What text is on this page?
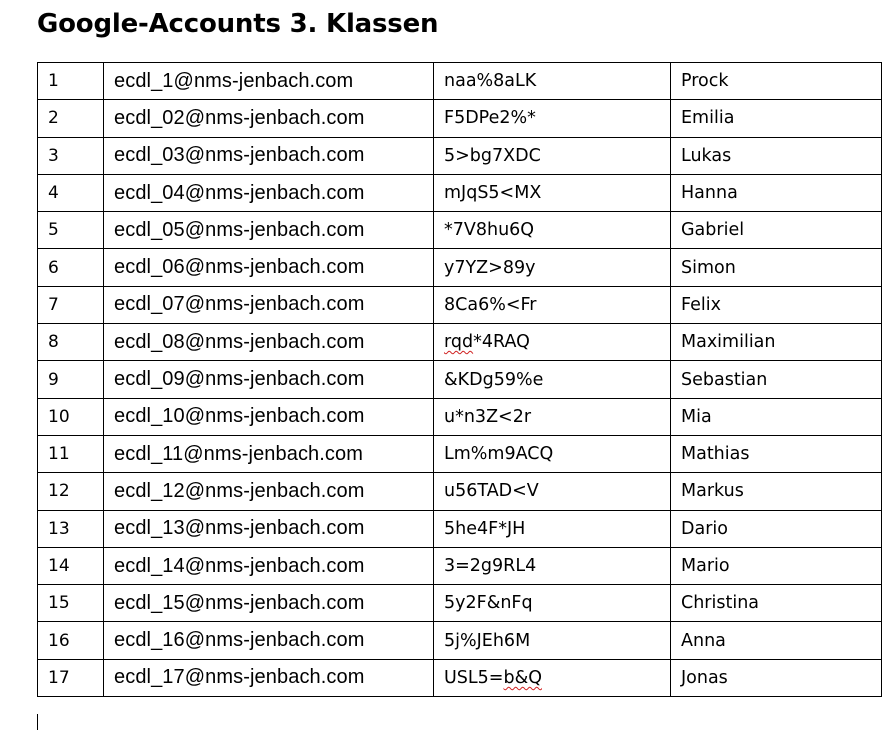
Google-Accounts 3. Klassen
1	ecdl_1@nms-jenbach.com	naa%8aLK	Prock
2	ecdl_02@nms-jenbach.com	F5DPe2%*	Emilia
3	ecdl_03@nms-jenbach.com	5>bg7XDC	Lukas
4	ecdl_04@nms-jenbach.com	mJqS5<MX	Hanna
5	ecdl_05@nms-jenbach.com	*7V8hu6Q	Gabriel
6	ecdl_06@nms-jenbach.com	y7YZ>89y	Simon
7	ecdl_07@nms-jenbach.com	8Ca6%<Fr	Felix
8	ecdl_08@nms-jenbach.com	rqd*4RAQ	Maximilian
9	ecdl_09@nms-jenbach.com	&KDg59%e	Sebastian
10	ecdl_10@nms-jenbach.com	u*n3Z<2r	Mia
11	ecdl_11@nms-jenbach.com	Lm%m9ACQ	Mathias
12	ecdl_12@nms-jenbach.com	u56TAD<V	Markus
13	ecdl_13@nms-jenbach.com	5he4F*JH	Dario
14	ecdl_14@nms-jenbach.com	3=2g9RL4	Mario
15	ecdl_15@nms-jenbach.com	5y2F&nFq	Christina
16	ecdl_16@nms-jenbach.com	5j%JEh6M	Anna
17	ecdl_17@nms-jenbach.com	USL5=b&Q	Jonas
